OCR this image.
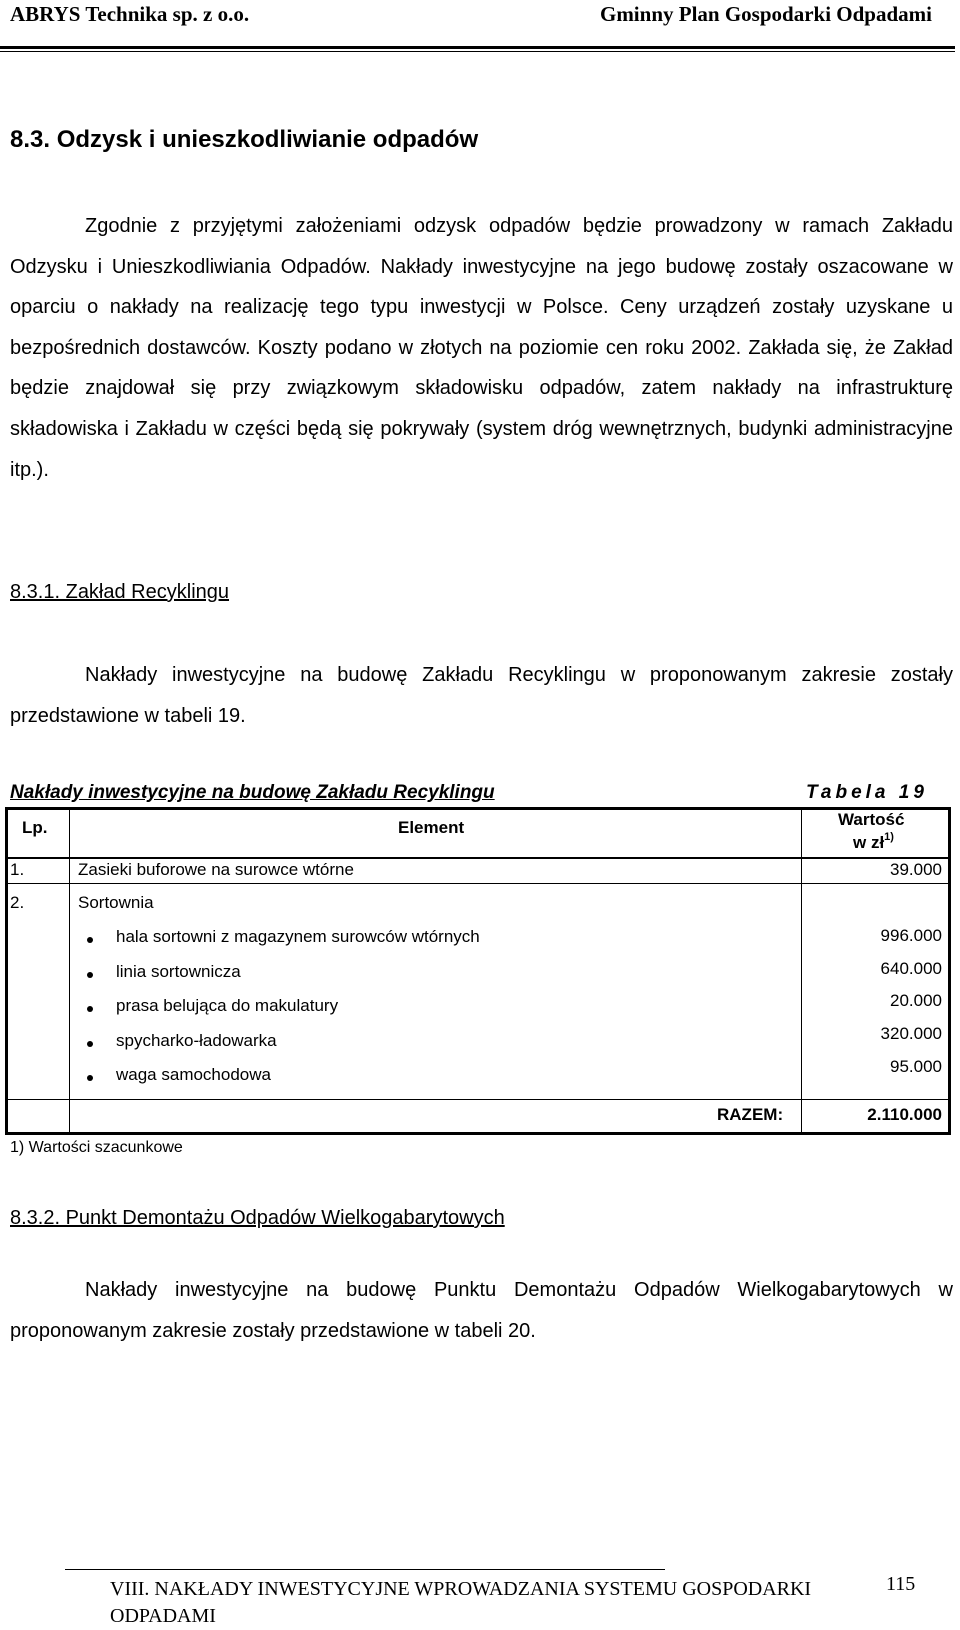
ABRYS Technika sp. z o.o.	Gminny Plan Gospodarki Odpadami
8.3. Odzysk i unieszkodliwianie odpadów

Zgodnie z przyjętymi założeniami odzysk odpadów będzie prowadzony w ramach Zakładu Odzysku i Unieszkodliwiania Odpadów. Nakłady inwestycyjne na jego budowę zostały oszacowane w oparciu o nakłady na realizację tego typu inwestycji w Polsce. Ceny urządzeń zostały uzyskane u bezpośrednich dostawców. Koszty podano w złotych na poziomie cen roku 2002. Zakłada się, że Zakład będzie znajdował się przy związkowym składowisku odpadów, zatem nakłady na infrastrukturę składowiska i Zakładu w części będą się pokrywały (system dróg wewnętrznych, budynki administracyjne itp.).

8.3.1. Zakład Recyklingu

Nakłady inwestycyjne na budowę Zakładu Recyklingu w proponowanym zakresie zostały przedstawione w tabeli 19.

Nakłady inwestycyjne na budowę Zakładu Recyklingu	Tabela 19
Lp.	Element	Wartość
w $zł^{1)}$
1.	Zasieki buforowe na surowce wtórne	39.000
2.	Sortownia
hala sortowni z magazynem surowców wtórnych	996.000
linia sortownicza	640.000
prasa belująca do makulatury	20.000
spycharko-ładowarka	320.000
waga samochodowa	95.000
RAZEM:	2.110.000
1) Wartości szacunkowe
8.3.2. Punkt Demontażu Odpadów Wielkogabarytowych

Nakłady inwestycyjne na budowę Punktu Demontażu Odpadów Wielkogabarytowych w proponowanym zakresie zostały przedstawione w tabeli 20.

VIII. NAKŁADY INWESTYCYJNE WPROWADZANIA SYSTEMU GOSPODARKI ODPADAMI
115
